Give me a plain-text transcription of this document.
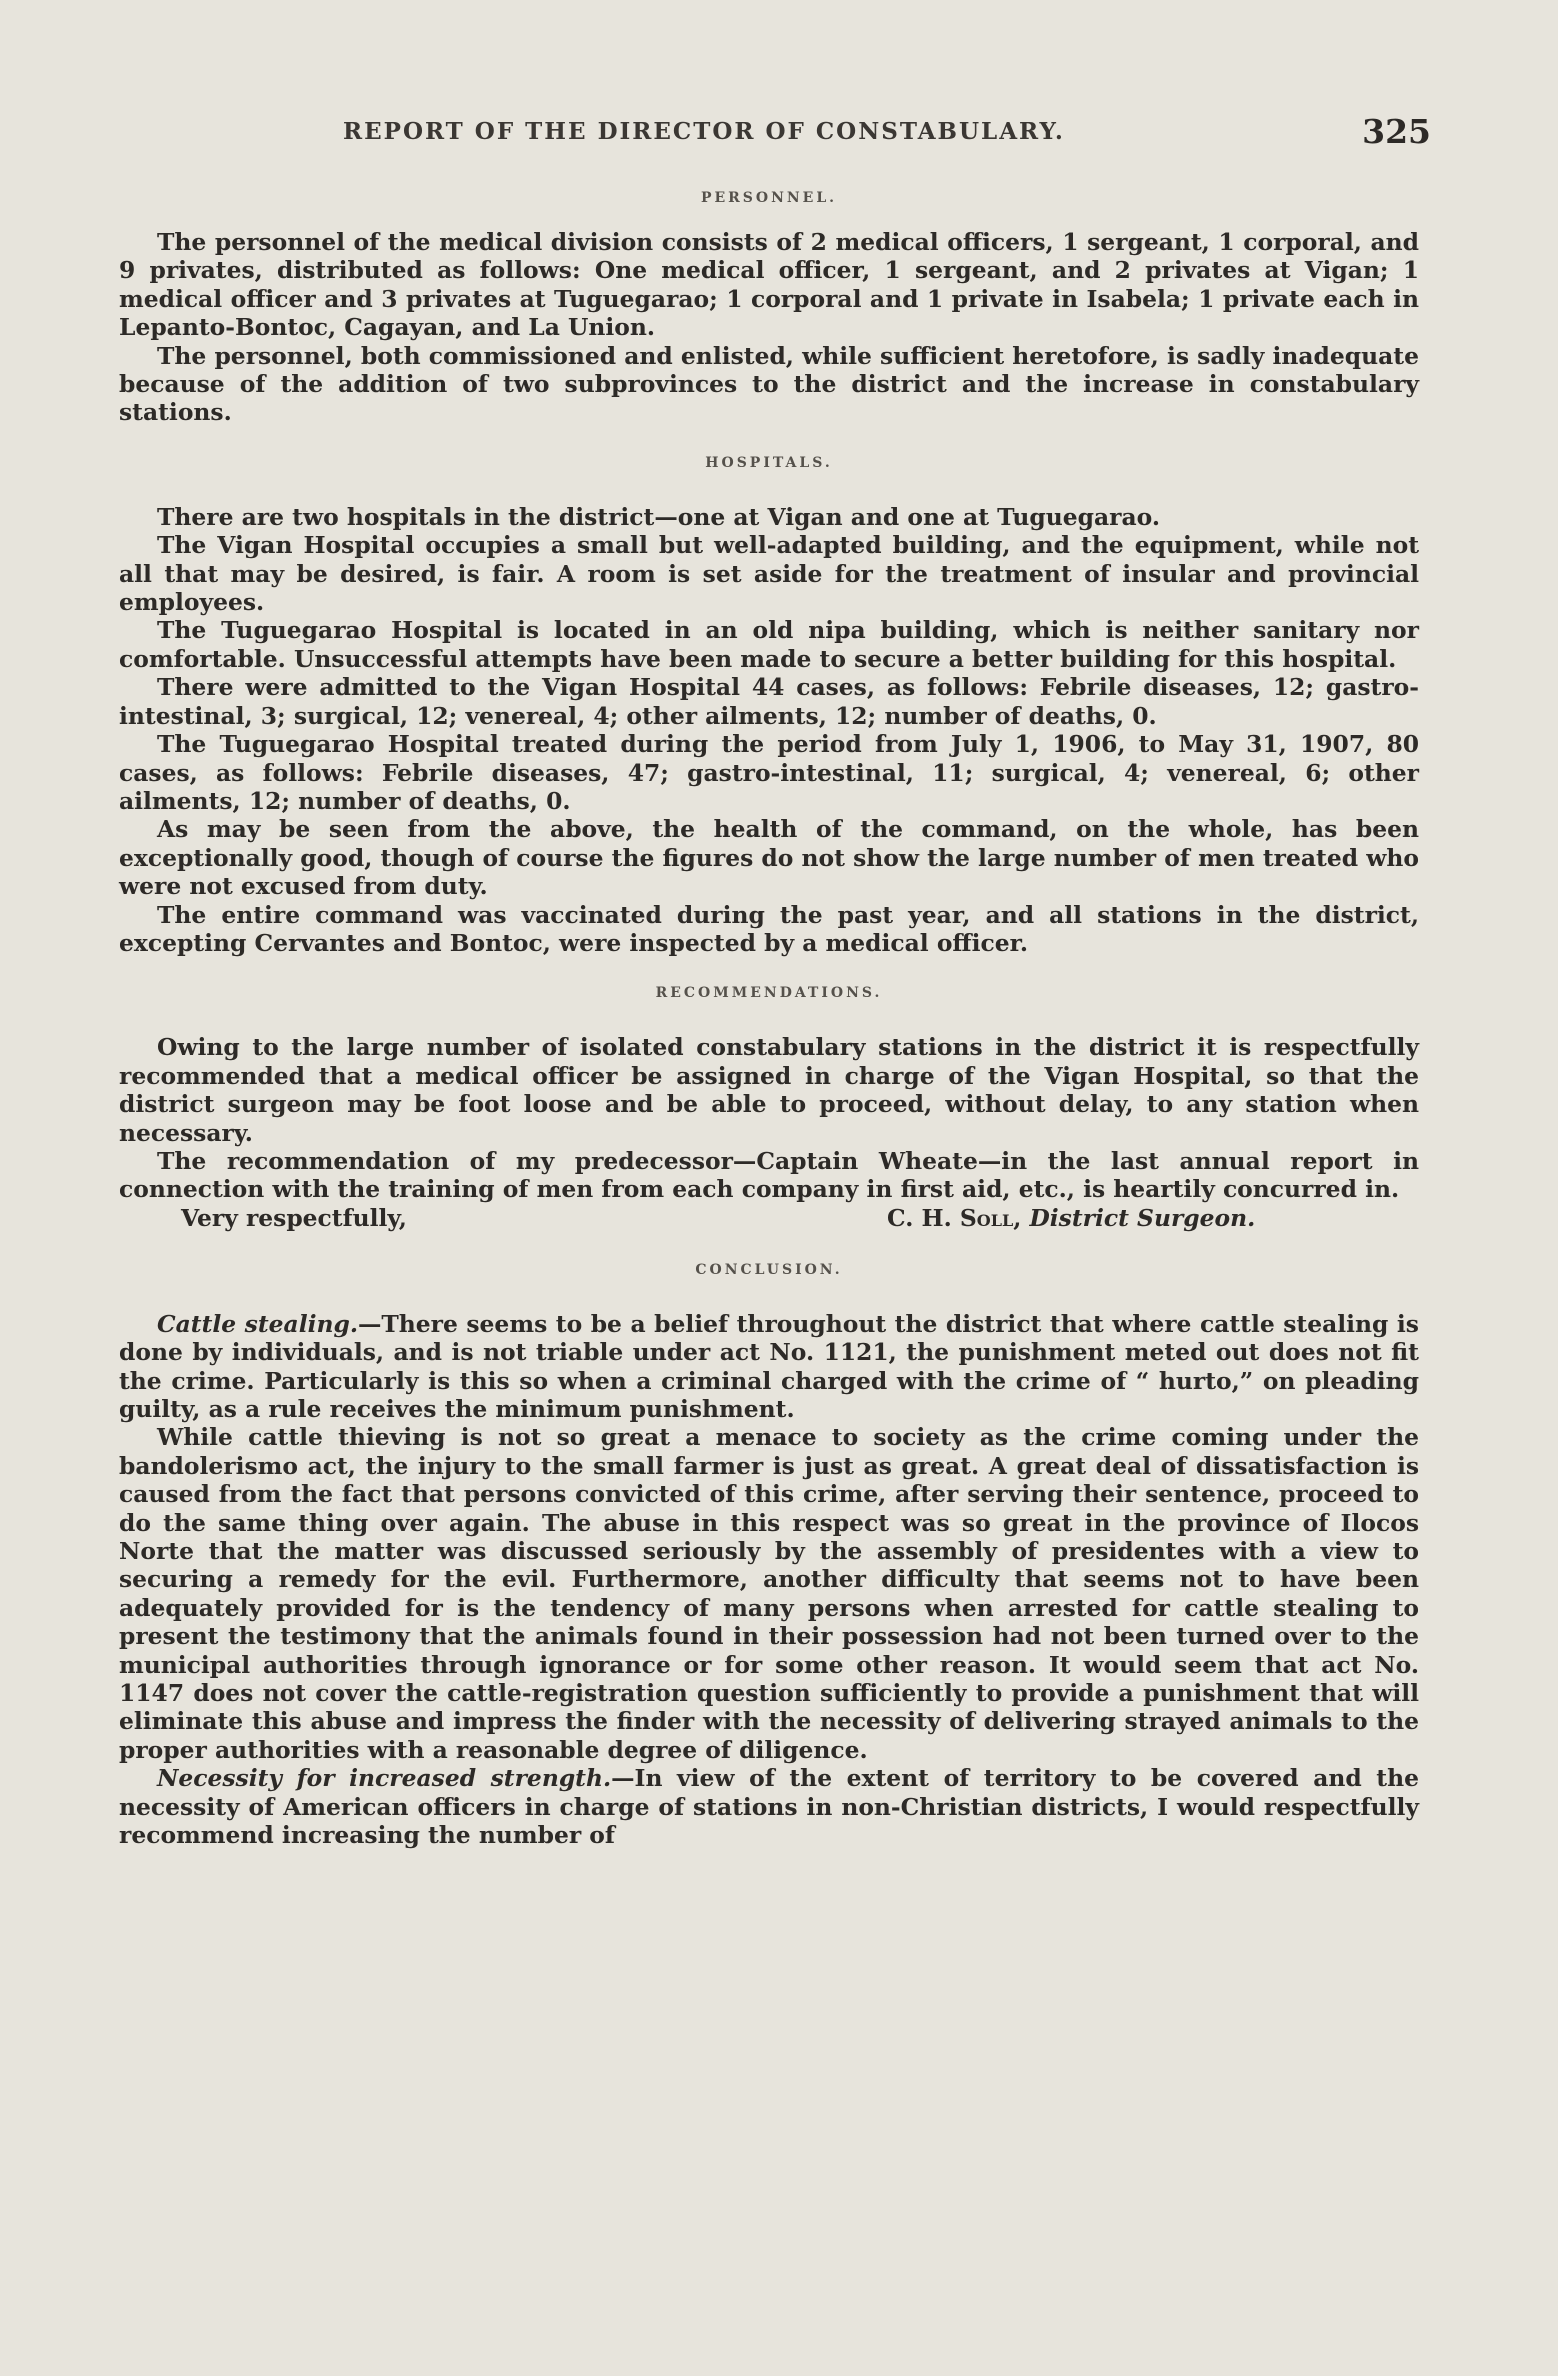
REPORT OF THE DIRECTOR OF CONSTABULARY.	325
PERSONNEL.

The personnel of the medical division consists of 2 medical officers, 1 sergeant, 1 corporal, and 9 privates, distributed as follows: One medical officer, 1 sergeant, and 2 privates at Vigan; 1 medical officer and 3 privates at Tuguegarao; 1 corporal and 1 private in Isabela; 1 private each in Lepanto-Bontoc, Cagayan, and La Union.

The personnel, both commissioned and enlisted, while sufficient heretofore, is sadly inadequate because of the addition of two subprovinces to the district and the increase in constabulary stations.

HOSPITALS.

There are two hospitals in the district—one at Vigan and one at Tuguegarao.

The Vigan Hospital occupies a small but well-adapted building, and the equipment, while not all that may be desired, is fair. A room is set aside for the treatment of insular and provincial employees.

The Tuguegarao Hospital is located in an old nipa building, which is neither sanitary nor comfortable. Unsuccessful attempts have been made to secure a better building for this hospital.

There were admitted to the Vigan Hospital 44 cases, as follows: Febrile diseases, 12; gastro-intestinal, 3; surgical, 12; venereal, 4; other ailments, 12; number of deaths, 0.

The Tuguegarao Hospital treated during the period from July 1, 1906, to May 31, 1907, 80 cases, as follows: Febrile diseases, 47; gastro-intestinal, 11; surgical, 4; venereal, 6; other ailments, 12; number of deaths, 0.

As may be seen from the above, the health of the command, on the whole, has been exceptionally good, though of course the figures do not show the large number of men treated who were not excused from duty.

The entire command was vaccinated during the past year, and all stations in the district, excepting Cervantes and Bontoc, were inspected by a medical officer.

RECOMMENDATIONS.

Owing to the large number of isolated constabulary stations in the district it is respectfully recommended that a medical officer be assigned in charge of the Vigan Hospital, so that the district surgeon may be foot loose and be able to proceed, without delay, to any station when necessary.

The recommendation of my predecessor—Captain Wheate—in the last annual report in connection with the training of men from each company in first aid, etc., is heartily concurred in.

Very respectfully,	C. H. Soll, District Surgeon.
CONCLUSION.

Cattle stealing.—There seems to be a belief throughout the district that where cattle stealing is done by individuals, and is not triable under act No. 1121, the punishment meted out does not fit the crime. Particularly is this so when a criminal charged with the crime of “ hurto,” on pleading guilty, as a rule receives the minimum punishment.

While cattle thieving is not so great a menace to society as the crime coming under the bandolerismo act, the injury to the small farmer is just as great. A great deal of dissatisfaction is caused from the fact that persons convicted of this crime, after serving their sentence, proceed to do the same thing over again. The abuse in this respect was so great in the province of Ilocos Norte that the matter was discussed seriously by the assembly of presidentes with a view to securing a remedy for the evil. Furthermore, another difficulty that seems not to have been adequately provided for is the tendency of many persons when arrested for cattle stealing to present the testimony that the animals found in their possession had not been turned over to the municipal authorities through ignorance or for some other reason. It would seem that act No. 1147 does not cover the cattle-registration question sufficiently to provide a punishment that will eliminate this abuse and impress the finder with the necessity of delivering strayed animals to the proper authorities with a reasonable degree of diligence.

Necessity for increased strength.—In view of the extent of territory to be covered and the necessity of American officers in charge of stations in non-Christian districts, I would respectfully recommend increasing the number of
